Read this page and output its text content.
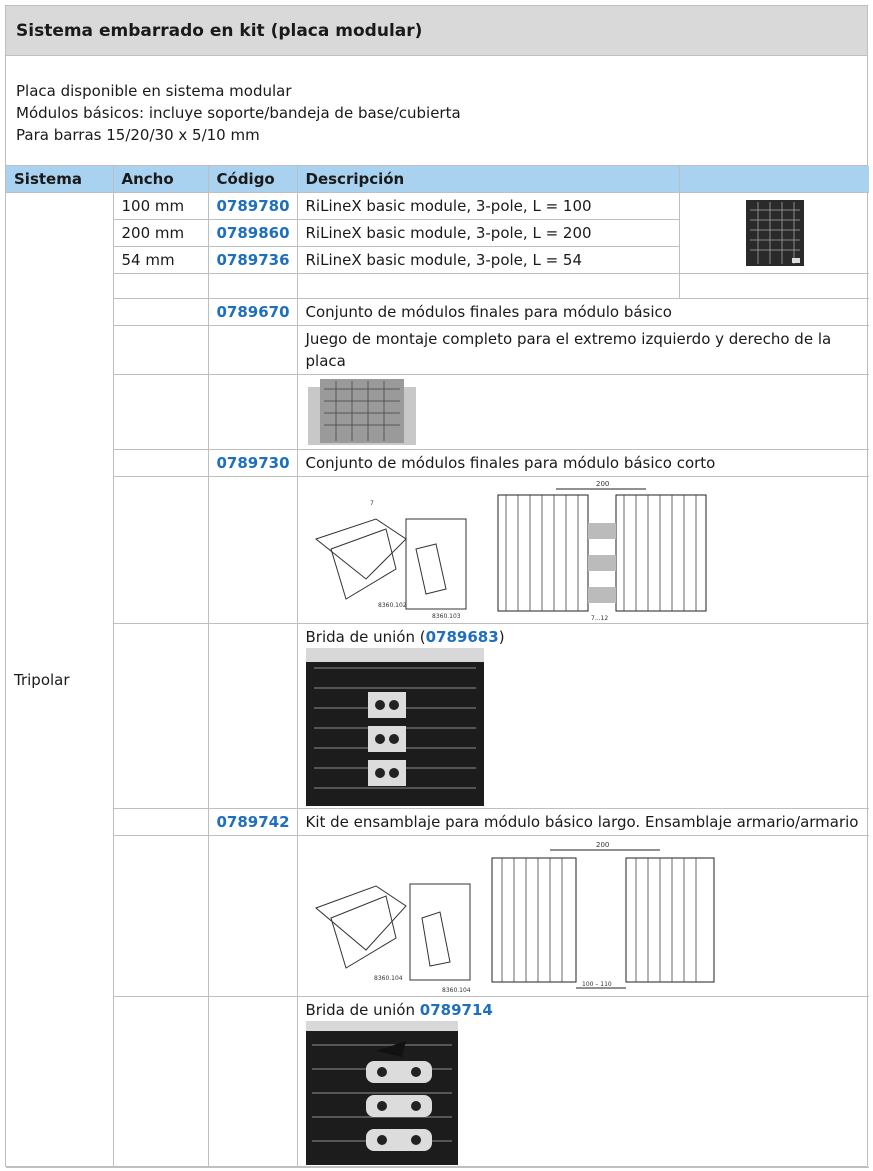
Sistema embarrado en kit (placa modular)
Placa disponible en sistema modular
Módulos básicos: incluye soporte/bandeja de base/cubierta
Para barras 15/20/30 x 5/10 mm
Sistema	Ancho	Código	Descripción	
Tripolar	100 mm	0789780	RiLineX basic module, 3-pole, L = 100	

	200 mm	0789860	RiLineX basic module, 3-pole, L = 200	
	54 mm	0789736	RiLineX basic module, 3-pole, L = 54	

		0789670	Conjunto de módulos finales para módulo básico	
			Juego de montaje completo para el extremo izquierdo y derecho de la placa	

		0789730	Conjunto de módulos finales para módulo básico corto	

8360.102
8360.103
7
200
7...12	

			Brida de unión (0789683)	

		0789742	Kit de ensamblaje para módulo básico largo. Ensamblaje armario/armario	

8360.104
8360.104
200
100 – 110	

			Brida de unión 0789714	
